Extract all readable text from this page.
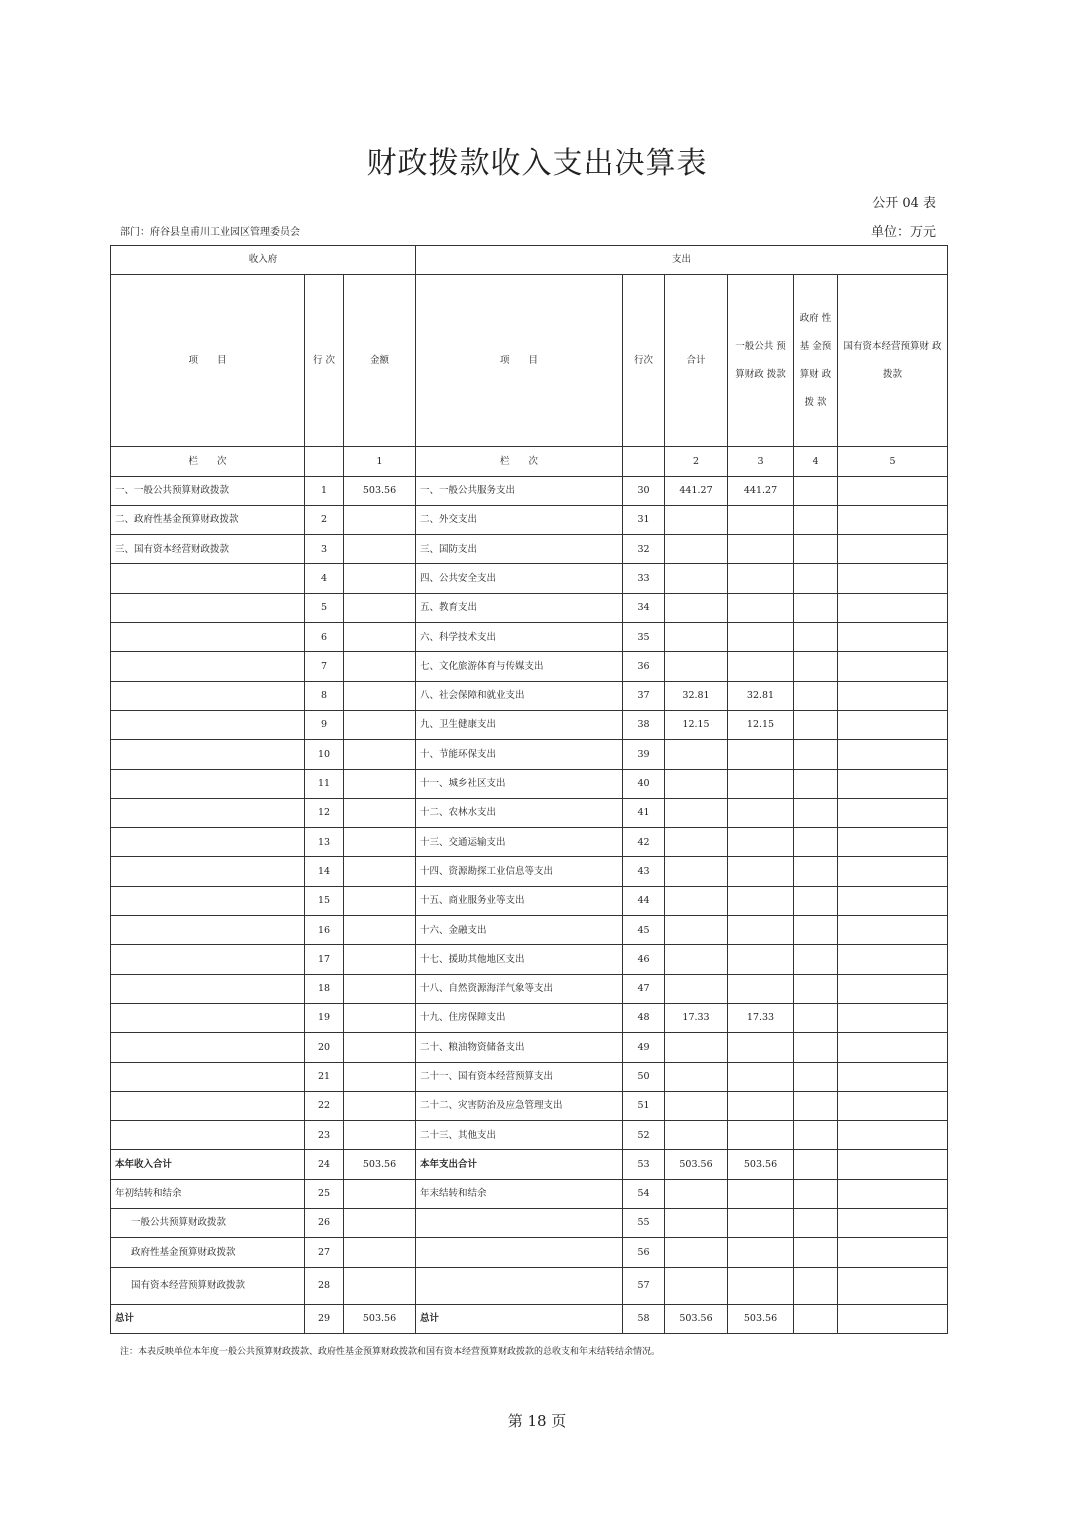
财政拨款收入支出决算表
公开 04 表
部门：府谷县皇甫川工业园区管理委员会	单位：万元
收入府			支出					
项　　目	行 次	金额	项　　目	行次	合计	一般公共 预算财政 拨款	政府 性基 金预 算财 政拨 款	国有资本经营预算财 政拨款
栏　　次		1	栏　　次		2	3	4	5
一、一般公共预算财政拨款	1	503.56	一、一般公共服务支出	30	441.27	441.27		
二、政府性基金预算财政拨款	2		二、外交支出	31				
三、国有资本经营财政拨款	3		三、国防支出	32				
	4		四、公共安全支出	33				
	5		五、教育支出	34				
	6		六、科学技术支出	35				
	7		七、文化旅游体育与传媒支出	36				
	8		八、社会保障和就业支出	37	32.81	32.81		
	9		九、卫生健康支出	38	12.15	12.15		
	10		十、节能环保支出	39				
	11		十一、城乡社区支出	40				
	12		十二、农林水支出	41				
	13		十三、交通运输支出	42				
	14		十四、资源勘探工业信息等支出	43				
	15		十五、商业服务业等支出	44				
	16		十六、金融支出	45				
	17		十七、援助其他地区支出	46				
	18		十八、自然资源海洋气象等支出	47				
	19		十九、住房保障支出	48	17.33	17.33		
	20		二十、粮油物资储备支出	49				
	21		二十一、国有资本经营预算支出	50				
	22		二十二、灾害防治及应急管理支出	51				
	23		二十三、其他支出	52				
本年收入合计	24	503.56	本年支出合计	53	503.56	503.56		
年初结转和结余	25		年末结转和结余	54				
一般公共预算财政拨款	26			55				
政府性基金预算财政拨款	27			56				
国有资本经营预算财政拨款	28			57				
总计	29	503.56	总计	58	503.56	503.56		
注：本表反映单位本年度一般公共预算财政拨款、政府性基金预算财政拨款和国有资本经营预算财政拨款的总收支和年末结转结余情况。
第 18 页
